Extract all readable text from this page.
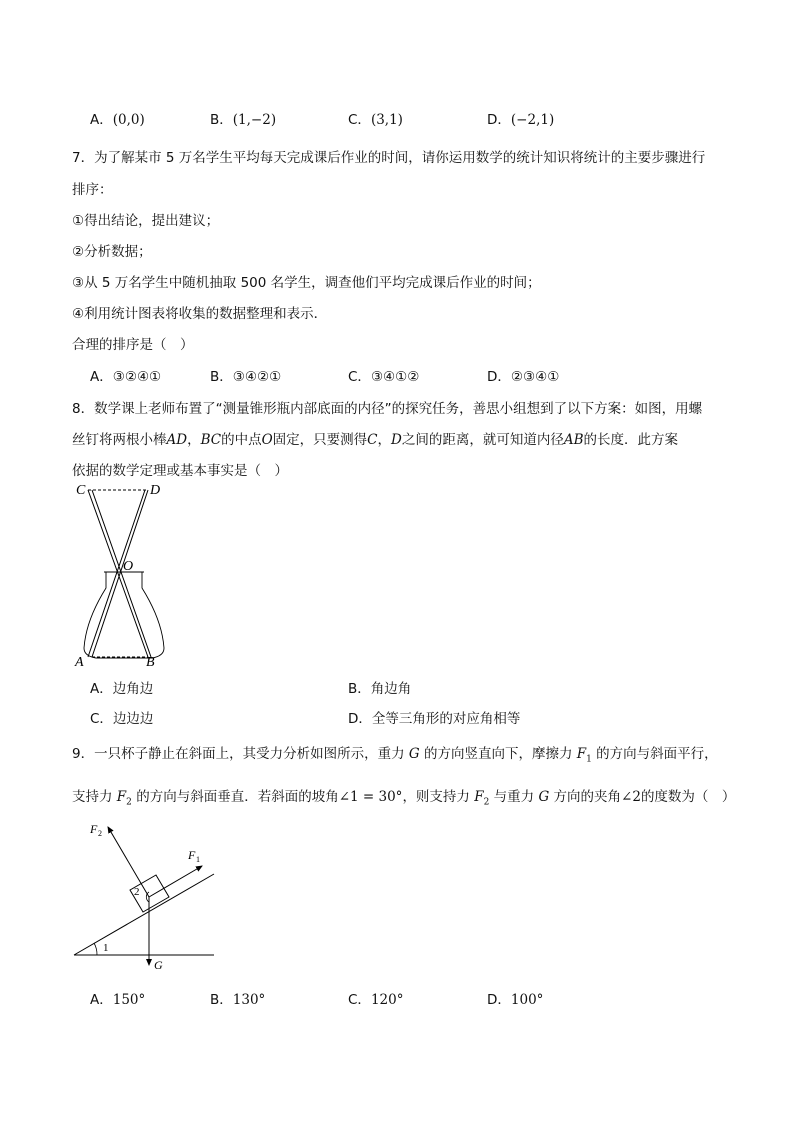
A．(0,0)	B．(1,−2)	C．(3,1)	D．(−2,1)
7．为了解某市 5 万名学生平均每天完成课后作业的时间，请你运用数学的统计知识将统计的主要步骤进行
排序：
①得出结论，提出建议；
②分析数据；
③从 5 万名学生中随机抽取 500 名学生，调查他们平均完成课后作业的时间；
④利用统计图表将收集的数据整理和表示．
合理的排序是（　）
A．③②④①	B．③④②①	C．③④①②	D．②③④①
8．数学课上老师布置了“测量锥形瓶内部底面的内径”的探究任务，善思小组想到了以下方案：如图，用螺
丝钉将两根小棒AD，BC的中点O固定，只要测得C，D之间的距离，就可知道内径AB的长度．此方案
依据的数学定理或基本事实是（　）
C	D
O
A	B
A．边角边	B．角边角
C．边边边	D．全等三角形的对应角相等
9．一只杯子静止在斜面上，其受力分析如图所示，重力 G 的方向竖直向下，摩擦力 $F_1$ 的方向与斜面平行，
支持力 $F_2$ 的方向与斜面垂直．若斜面的坡角∠1 = 30°，则支持力 $F_2$ 与重力 G 方向的夹角∠2的度数为（　）
F 2
F 1
2
1
G
A．150°	B．130°	C．120°	D．100°
